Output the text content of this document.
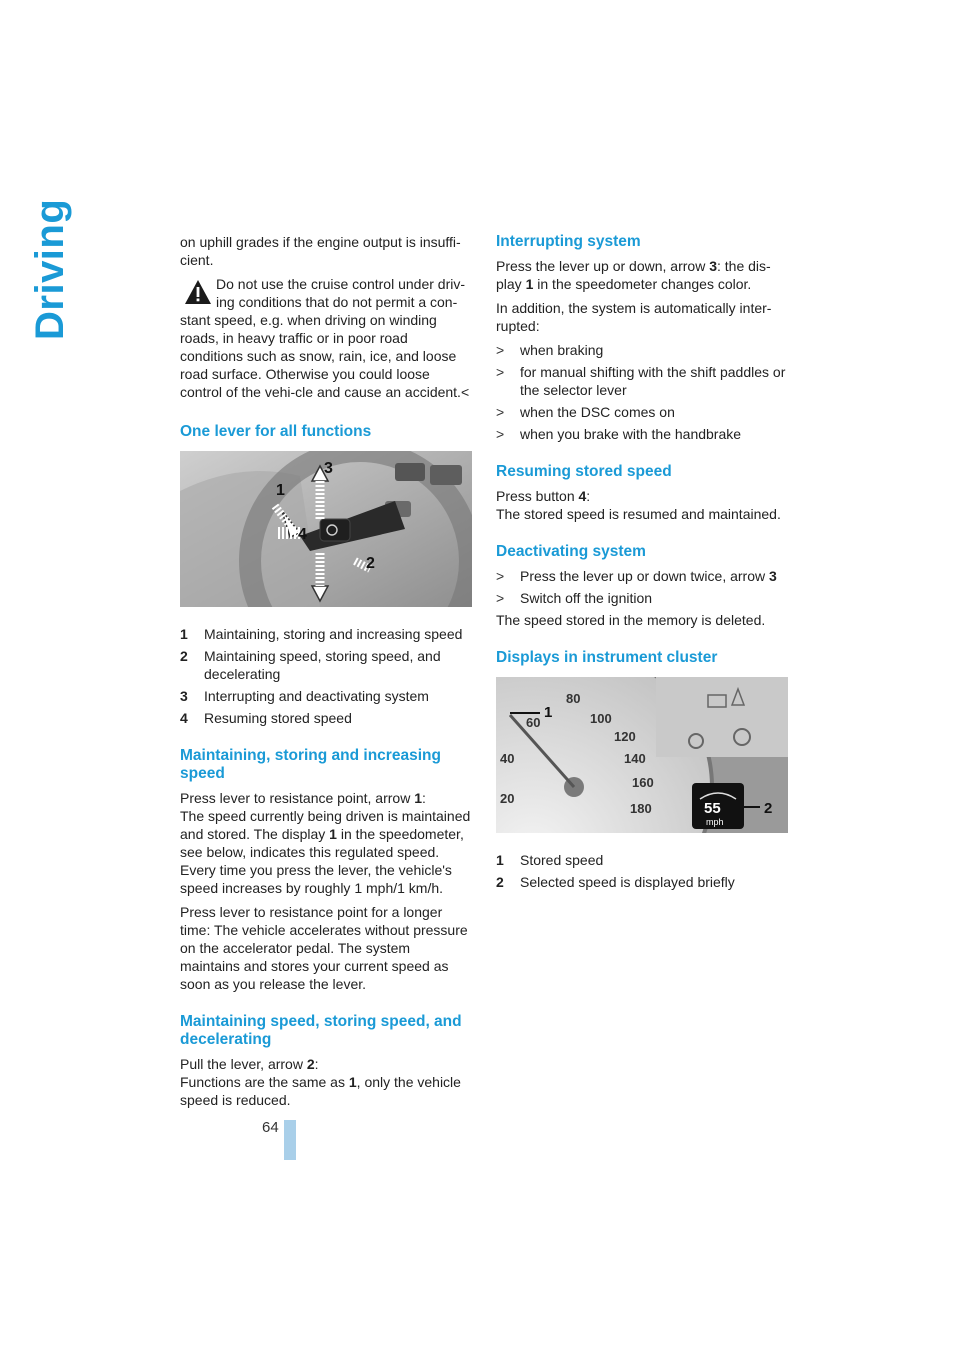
Driving	on uphill grades if the engine output is insuffi-cient.

Do not use the cruise control under driv-ing conditions that do not permit a con-
stant speed, e.g. when driving on winding roads, in heavy traffic or in poor road conditions such as snow, rain, ice, and loose road surface. Otherwise you could loose control of the vehi-cle and cause an accident.<
One lever for all functions
1
2
3
4
1	Maintaining, storing and increasing speed
2	Maintaining speed, storing speed, and decelerating
3	Interrupting and deactivating system
4	Resuming stored speed
Maintaining, storing and increasing speed

Press lever to resistance point, arrow 1:

The speed currently being driven is maintained and stored. The display 1 in the speedometer, see below, indicates this regulated speed. Every time you press the lever, the vehicle's speed increases by roughly 1 mph/1 km/h.

Press lever to resistance point for a longer time: The vehicle accelerates without pressure on the accelerator pedal. The system maintains and stores your current speed as soon as you release the lever.

Maintaining speed, storing speed, and decelerating

Pull the lever, arrow 2:

Functions are the same as 1, only the vehicle speed is reduced.

Interrupting system

Press the lever up or down, arrow 3: the dis-play 1 in the speedometer changes color.

In addition, the system is automatically inter-rupted:

>	when braking
>	for manual shifting with the shift paddles or the selector lever
>	when the DSC comes on
>	when you brake with the handbrake
Resuming stored speed

Press button 4:

The stored speed is resumed and maintained.

Deactivating system
>	Press the lever up or down twice, arrow 3
>	Switch off the ignition

The speed stored in the memory is deleted.

Displays in instrument cluster
20
40
60
80
100
120
140
160
180
1
55
mph
2
1	Stored speed
2	Selected speed is displayed briefly
64
